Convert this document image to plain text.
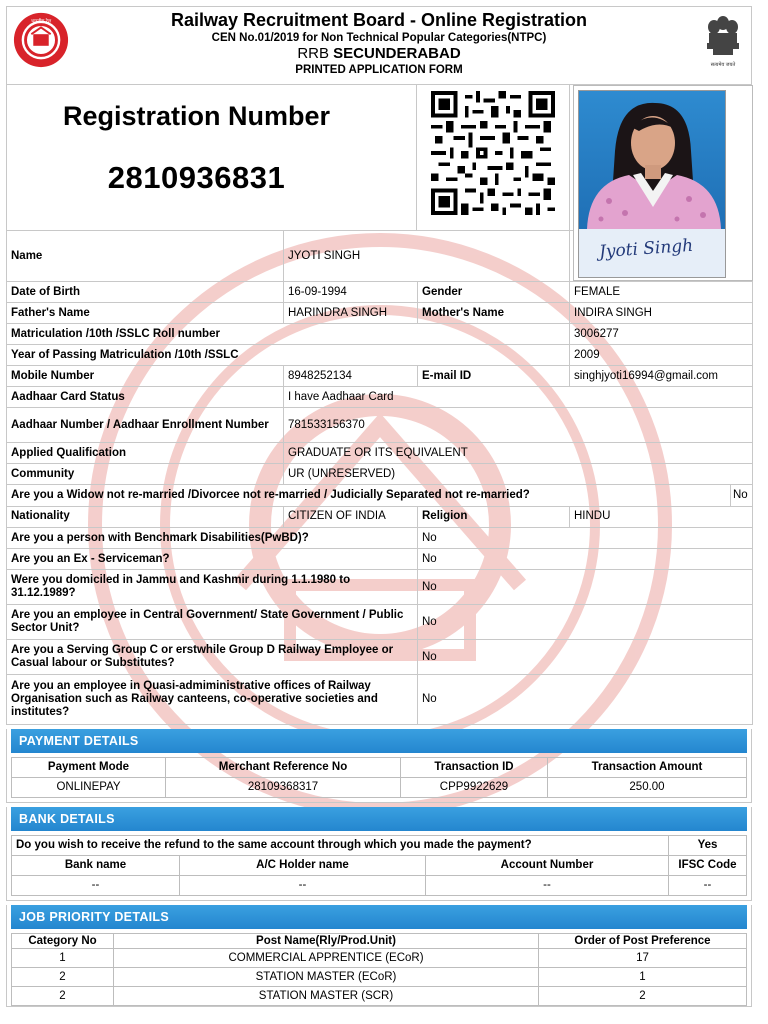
भारतीय रेल	Railway Recruitment Board - Online Registration
CEN No.01/2019 for Non Technical Popular Categories(NTPC)
RRB SECUNDERABAD
PRINTED APPLICATION FORM	सत्यमेव जयते
Registration Number
2810936831
Jyoti Singh
Name	JYOTI SINGH		
Date of Birth	16-09-1994	Gender	FEMALE
Father's Name	HARINDRA SINGH	Mother's Name	INDIRA SINGH
Matriculation /10th /SSLC Roll number			3006277
Year of Passing Matriculation /10th /SSLC			2009
Mobile Number	8948252134	E-mail ID	singhjyoti16994@gmail.com
Aadhaar Card Status	I have Aadhaar Card		
Aadhaar Number / Aadhaar Enrollment Number	781533156370		
Applied Qualification	GRADUATE OR ITS EQUIVALENT		
Community	UR (UNRESERVED)		
Are you a Widow not re-married /Divorcee not re-married / Judicially Separated not re-married?	No
Nationality	CITIZEN OF INDIA	Religion	HINDU
Are you a person with Benchmark Disabilities(PwBD)?		No	
Are you an Ex - Serviceman?		No	
Were you domiciled in Jammu and Kashmir during 1.1.1980 to 31.12.1989?		No	
Are you an employee in Central Government/ State Government / Public Sector Unit?		No	
Are you a Serving Group C or erstwhile Group D Railway Employee or Casual labour or Substitutes?		No	
Are you an employee in Quasi-admiministrative offices of Railway Organisation such as Railway canteens, co-operative societies and institutes?		No	
PAYMENT DETAILS
Payment Mode	Merchant Reference No	Transaction ID	Transaction Amount
ONLINEPAY	28109368317	CPP9922629	250.00
BANK DETAILS
Do you wish to receive the refund to the same account through which you made the payment?	Yes
Bank name	A/C Holder name	Account Number	IFSC Code
--	--	--	--
JOB PRIORITY DETAILS
Category No	Post Name(Rly/Prod.Unit)	Order of Post Preference
1	COMMERCIAL APPRENTICE (ECoR)	17
2	STATION MASTER (ECoR)	1
2	STATION MASTER (SCR)	2
